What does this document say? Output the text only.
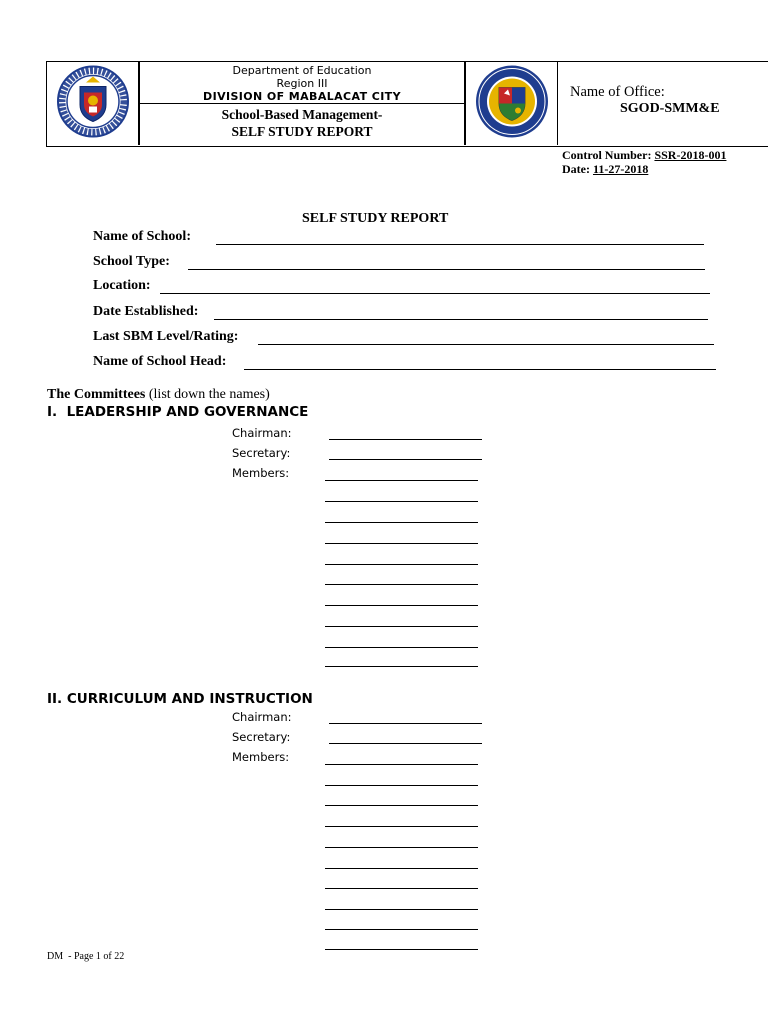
Department of Education
Region III
DIVISION OF MABALACAT CITY
School-Based Management-
SELF STUDY REPORT
Name of Office:
SGOD-SMM&E
Control Number: SSR-2018-001
Date: 11-27-2018
SELF STUDY REPORT
Name of School:
School Type:
Location:
Date Established:
Last SBM Level/Rating:
Name of School Head:
The Committees (list down the names)
I. LEADERSHIP AND GOVERNANCE
Chairman:
Secretary:
Members:
II. CURRICULUM AND INSTRUCTION
Chairman:
Secretary:
Members:
DM  - Page 1 of 22
